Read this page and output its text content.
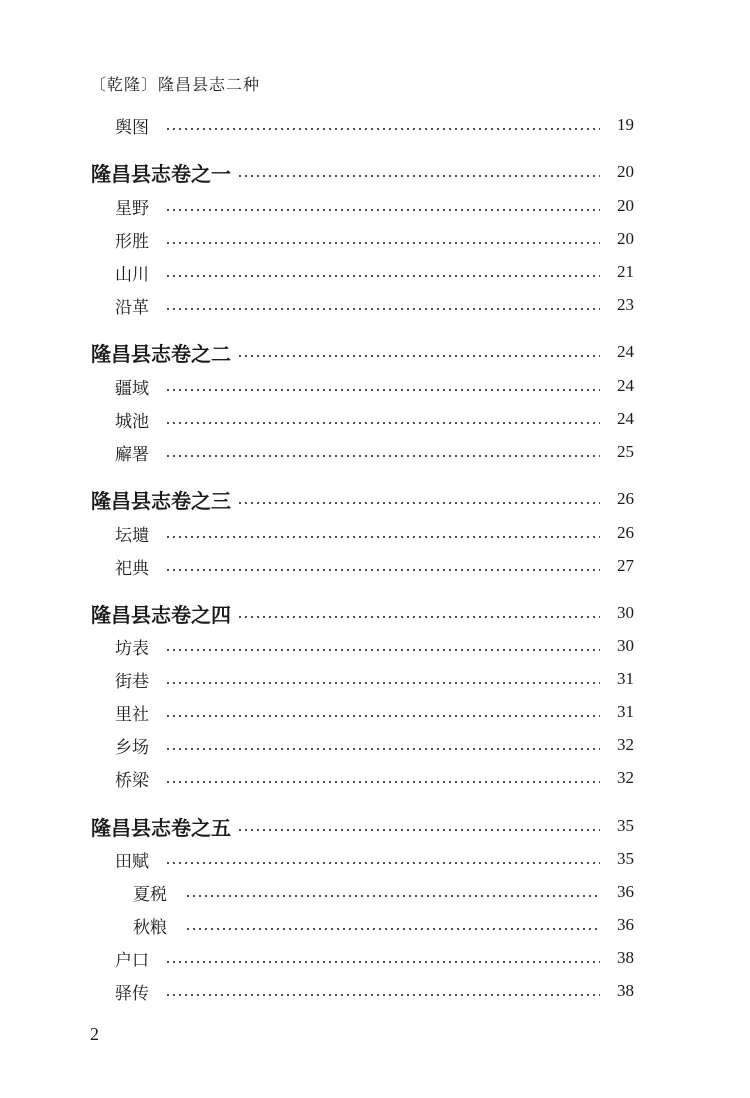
〔乾隆〕隆昌县志二种
舆图	19
隆昌县志卷之一	20
星野	20
形胜	20
山川	21
沿革	23
隆昌县志卷之二	24
疆域	24
城池	24
廨署	25
隆昌县志卷之三	26
坛壝	26
祀典	27
隆昌县志卷之四	30
坊表	30
街巷	31
里社	31
乡场	32
桥梁	32
隆昌县志卷之五	35
田赋	35
夏税	36
秋粮	36
户口	38
驿传	38
2
